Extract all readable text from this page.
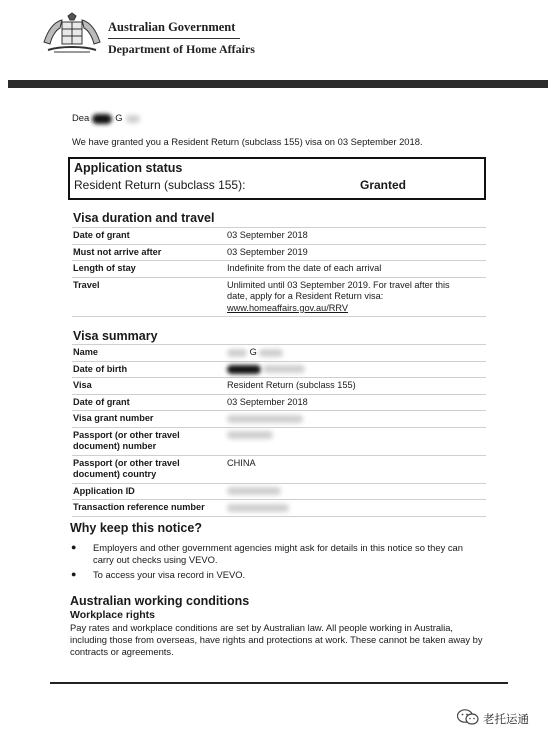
Australian Government
Department of Home Affairs
Dea	G
We have granted you a Resident Return (subclass 155) visa on 03 September 2018.
Application status
Resident Return (subclass 155):	Granted
Visa duration and travel
Date of grant	03 September 2018
Must not arrive after	03 September 2019
Length of stay	Indefinite from the date of each arrival
Travel	Unlimited until 03 September 2019. For travel after this date, apply for a Resident Return visa:
www.homeaffairs.gov.au/RRV
Visa summary
Name	G
Date of birth	
Visa	Resident Return (subclass 155)
Date of grant	03 September 2018
Visa grant number	
Passport (or other travel document) number	
Passport (or other travel document) country	CHINA
Application ID	
Transaction reference number	
Why keep this notice?
● Employers and other government agencies might ask for details in this notice so they can carry out checks using VEVO.
● To access your visa record in VEVO.
Australian working conditions
Workplace rights
Pay rates and workplace conditions are set by Australian law. All people working in Australia, including those from overseas, have rights and protections at work. These cannot be taken away by contracts or agreements.
老托运通
